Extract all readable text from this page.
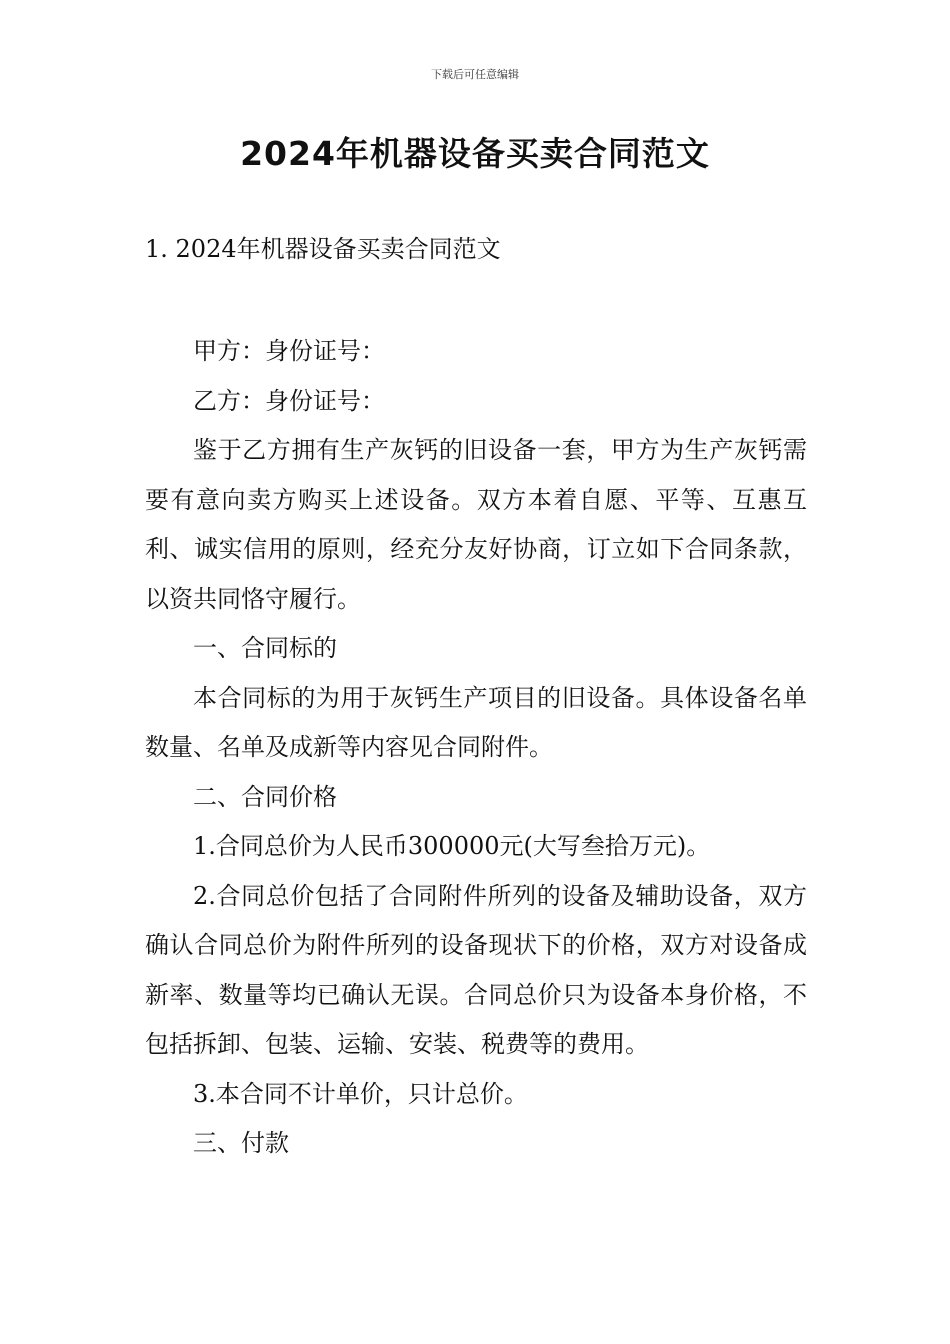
下载后可任意编辑
2024年机器设备买卖合同范文
1. 2024年机器设备买卖合同范文

甲方：身份证号：

乙方：身份证号：

鉴于乙方拥有生产灰钙的旧设备一套，甲方为生产灰钙需要有意向卖方购买上述设备。双方本着自愿、平等、互惠互利、诚实信用的原则，经充分友好协商，订立如下合同条款，以资共同恪守履行。

一、合同标的

本合同标的为用于灰钙生产项目的旧设备。具体设备名单数量、名单及成新等内容见合同附件。

二、合同价格

1.合同总价为人民币300000元(大写叁拾万元)。

2.合同总价包括了合同附件所列的设备及辅助设备，双方确认合同总价为附件所列的设备现状下的价格，双方对设备成新率、数量等均已确认无误。合同总价只为设备本身价格，不包括拆卸、包装、运输、安装、税费等的费用。

3.本合同不计单价，只计总价。

三、付款
